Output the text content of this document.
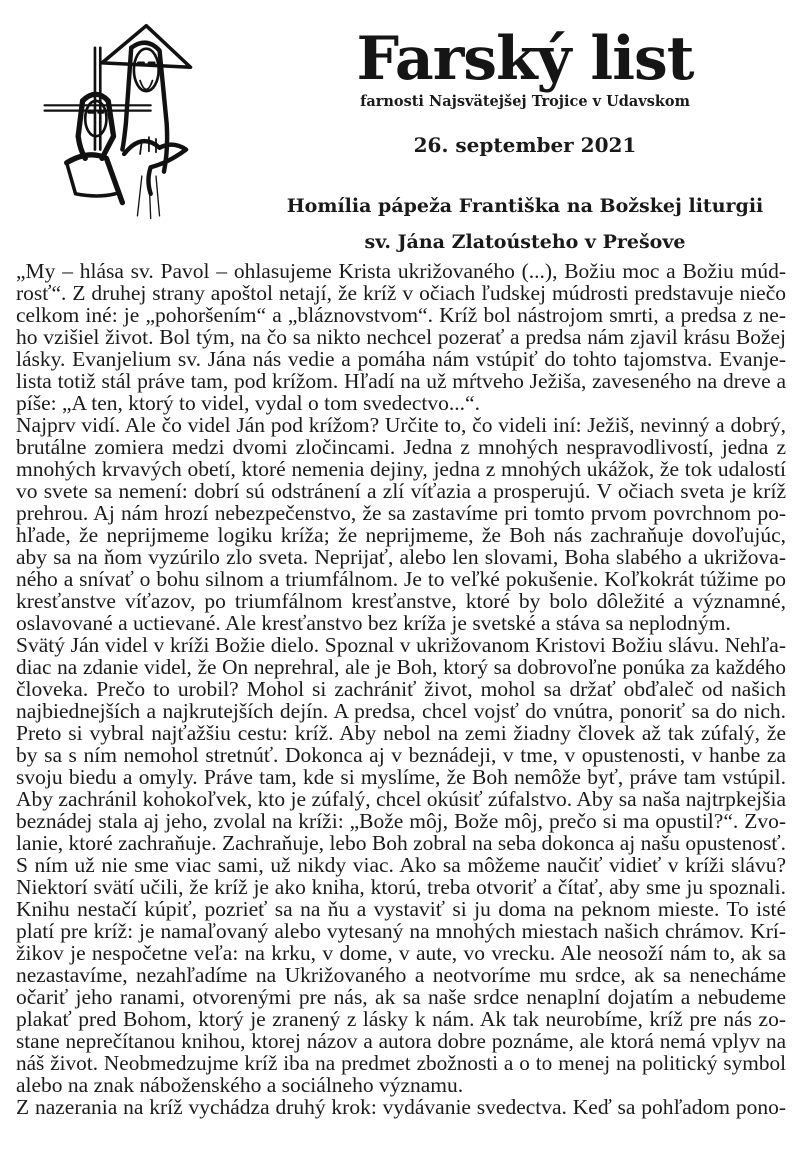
Farský list
farnosti Najsvätejšej Trojice v Udavskom
26. september 2021
Homília pápeža Františka na Božskej liturgii
sv. Jána Zlatoústeho v Prešove
„My – hlása sv. Pavol – ohlasujeme Krista ukrižovaného (...), Božiu moc a Božiu múd-
rosť“. Z druhej strany apoštol netají, že kríž v očiach ľudskej múdrosti predstavuje niečo
celkom iné: je „pohoršením“ a „bláznovstvom“. Kríž bol nástrojom smrti, a predsa z ne-
ho vzišiel život. Bol tým, na čo sa nikto nechcel pozerať a predsa nám zjavil krásu Božej
lásky. Evanjelium sv. Jána nás vedie a pomáha nám vstúpiť do tohto tajomstva. Evanje-
lista totiž stál práve tam, pod krížom. Hľadí na už mŕtveho Ježiša, zaveseného na dreve a
píše: „A ten, ktorý to videl, vydal o tom svedectvo...“.
Najprv vidí. Ale čo videl Ján pod krížom? Určite to, čo videli iní: Ježiš, nevinný a dobrý,
brutálne zomiera medzi dvomi zločincami. Jedna z mnohých nespravodlivostí, jedna z
mnohých krvavých obetí, ktoré nemenia dejiny, jedna z mnohých ukážok, že tok udalostí
vo svete sa nemení: dobrí sú odstránení a zlí víťazia a prosperujú. V očiach sveta je kríž
prehrou. Aj nám hrozí nebezpečenstvo, že sa zastavíme pri tomto prvom povrchnom po-
hľade, že neprijmeme logiku kríža; že neprijmeme, že Boh nás zachraňuje dovoľujúc,
aby sa na ňom vyzúrilo zlo sveta. Neprijať, alebo len slovami, Boha slabého a ukrižova-
ného a snívať o bohu silnom a triumfálnom. Je to veľké pokušenie. Koľkokrát túžime po
kresťanstve víťazov, po triumfálnom kresťanstve, ktoré by bolo dôležité a významné,
oslavované a uctievané. Ale kresťanstvo bez kríža je svetské a stáva sa neplodným.
Svätý Ján videl v kríži Božie dielo. Spoznal v ukrižovanom Kristovi Božiu slávu. Nehľa-
diac na zdanie videl, že On neprehral, ale je Boh, ktorý sa dobrovoľne ponúka za každého
človeka. Prečo to urobil? Mohol si zachrániť život, mohol sa držať obďaleč od našich
najbiednejších a najkrutejších dejín. A predsa, chcel vojsť do vnútra, ponoriť sa do nich.
Preto si vybral najťažšiu cestu: kríž. Aby nebol na zemi žiadny človek až tak zúfalý, že
by sa s ním nemohol stretnúť. Dokonca aj v beznádeji, v tme, v opustenosti, v hanbe za
svoju biedu a omyly. Práve tam, kde si myslíme, že Boh nemôže byť, práve tam vstúpil.
Aby zachránil kohokoľvek, kto je zúfalý, chcel okúsiť zúfalstvo. Aby sa naša najtrpkejšia
beznádej stala aj jeho, zvolal na kríži: „Bože môj, Bože môj, prečo si ma opustil?“. Zvo-
lanie, ktoré zachraňuje. Zachraňuje, lebo Boh zobral na seba dokonca aj našu opustenosť.
S ním už nie sme viac sami, už nikdy viac. Ako sa môžeme naučiť vidieť v kríži slávu?
Niektorí svätí učili, že kríž je ako kniha, ktorú, treba otvoriť a čítať, aby sme ju spoznali.
Knihu nestačí kúpiť, pozrieť sa na ňu a vystaviť si ju doma na peknom mieste. To isté
platí pre kríž: je namaľovaný alebo vytesaný na mnohých miestach našich chrámov. Krí-
žikov je nespočetne veľa: na krku, v dome, v aute, vo vrecku. Ale neosoží nám to, ak sa
nezastavíme, nezahľadíme na Ukrižovaného a neotvoríme mu srdce, ak sa nenecháme
očariť jeho ranami, otvorenými pre nás, ak sa naše srdce nenaplní dojatím a nebudeme
plakať pred Bohom, ktorý je zranený z lásky k nám. Ak tak neurobíme, kríž pre nás zo-
stane neprečítanou knihou, ktorej názov a autora dobre poznáme, ale ktorá nemá vplyv na
náš život. Neobmedzujme kríž iba na predmet zbožnosti a o to menej na politický symbol
alebo na znak náboženského a sociálneho významu.
Z nazerania na kríž vychádza druhý krok: vydávanie svedectva. Keď sa pohľadom pono-
